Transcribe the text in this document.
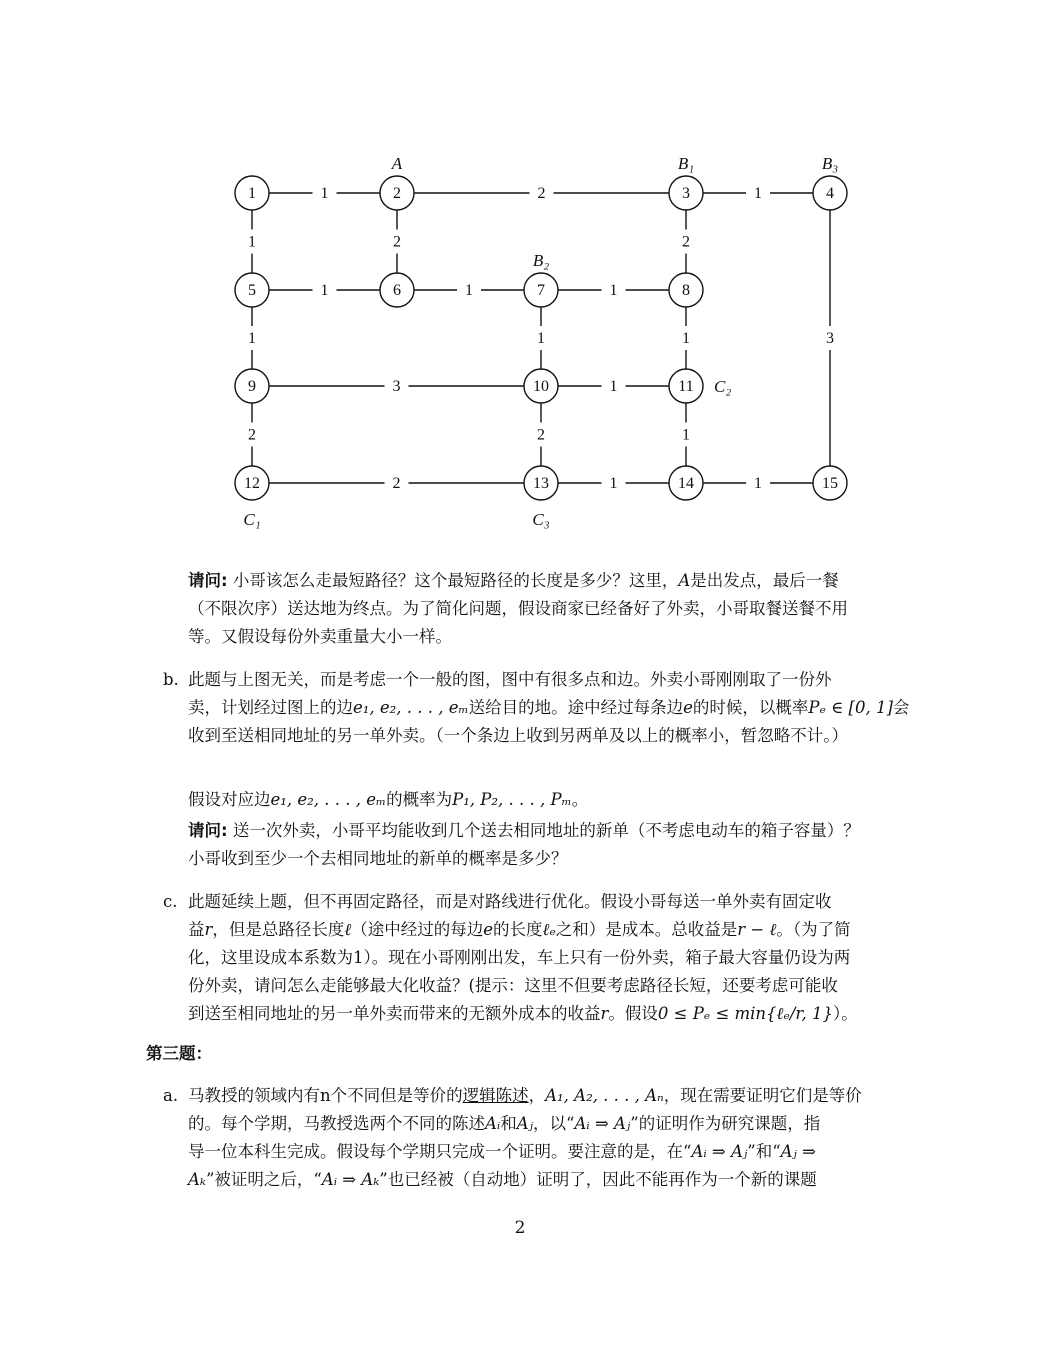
1	2	1
1	2	2
3
1	1	1
1	1	1
3	1
2	2	1
2	1	1
1	2	3	4
5	6	7	8
9	10	11
12	13	14	15
A	B₁	B₃
B₂
C₂
C₁	C₃
请问: 小哥该怎么走最短路径？这个最短路径的长度是多少？这里，A是出发点，最后一餐
（不限次序）送达地为终点。为了简化问题，假设商家已经备好了外卖，小哥取餐送餐不用
等。又假设每份外卖重量大小一样。
b. 此题与上图无关，而是考虑一个一般的图，图中有很多点和边。外卖小哥刚刚取了一份外
卖，计划经过图上的边e₁, e₂, . . . , eₘ送给目的地。途中经过每条边e的时候，以概率Pₑ ∈ [0, 1]会
收到至送相同地址的另一单外卖。（一个条边上收到另两单及以上的概率小，暂忽略不计。）
假设对应边e₁, e₂, . . . , eₘ的概率为P₁, P₂, . . . , Pₘ。
请问: 送一次外卖，小哥平均能收到几个送去相同地址的新单（不考虑电动车的箱子容量）？
小哥收到至少一个去相同地址的新单的概率是多少？
c. 此题延续上题，但不再固定路径，而是对路线进行优化。假设小哥每送一单外卖有固定收
益r，但是总路径长度ℓ（途中经过的每边e的长度ℓₑ之和）是成本。总收益是r − ℓ。（为了简
化，这里设成本系数为1）。现在小哥刚刚出发，车上只有一份外卖，箱子最大容量仍设为两
份外卖，请问怎么走能够最大化收益？(提示：这里不但要考虑路径长短，还要考虑可能收
到送至相同地址的另一单外卖而带来的无额外成本的收益r。假设0 ≤ Pₑ ≤ min{ℓₑ/r, 1}）。
第三题：
a. 马教授的领域内有n个不同但是等价的逻辑陈述，A₁, A₂, . . . , Aₙ，现在需要证明它们是等价
的。每个学期，马教授选两个不同的陈述Aᵢ和Aⱼ，以“Aᵢ ⇒ Aⱼ”的证明作为研究课题，指
导一位本科生完成。假设每个学期只完成一个证明。要注意的是，在“Aᵢ ⇒ Aⱼ”和“Aⱼ ⇒
Aₖ”被证明之后，“Aᵢ ⇒ Aₖ”也已经被（自动地）证明了，因此不能再作为一个新的课题
2
